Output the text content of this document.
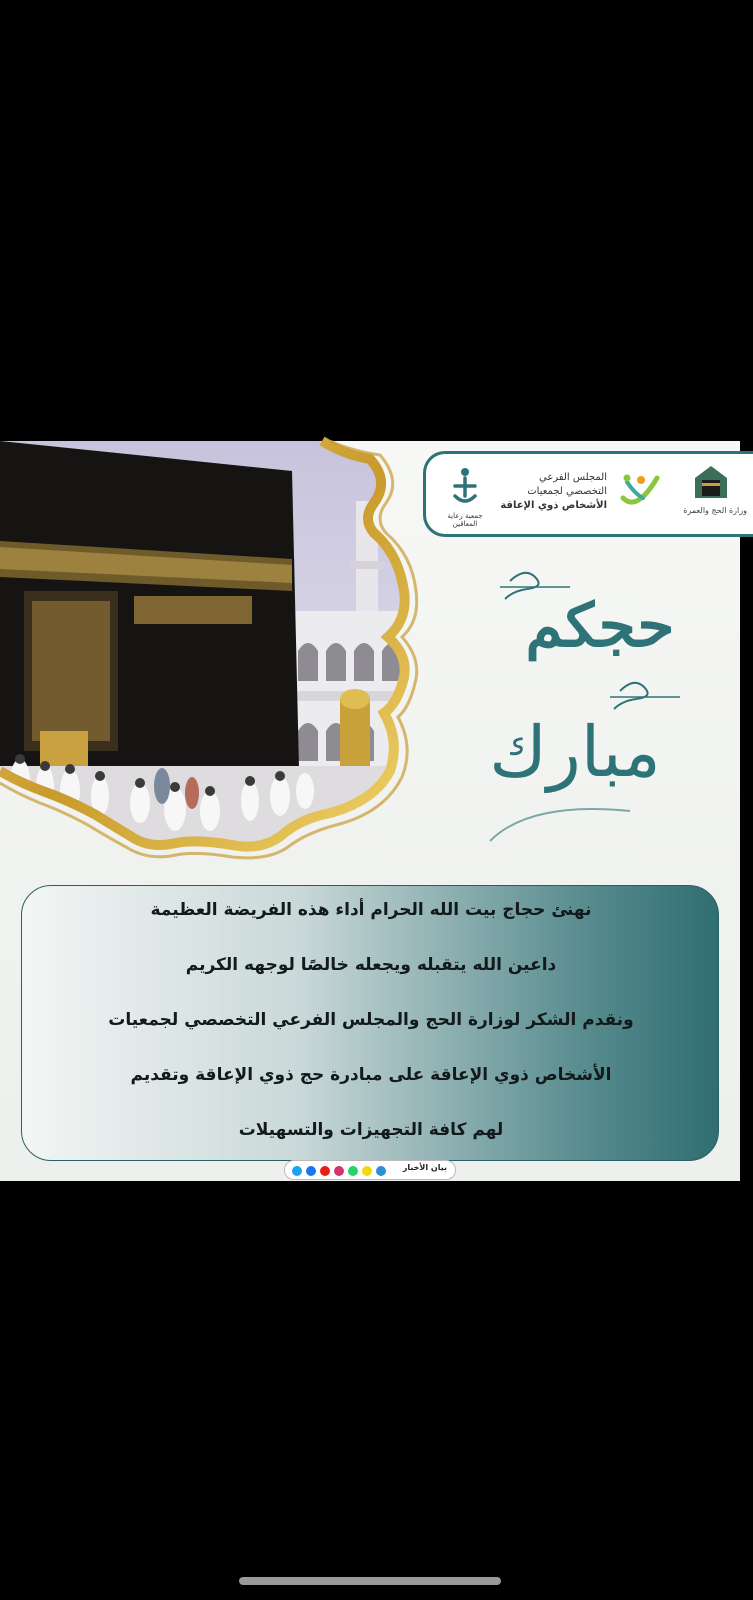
وزارة الحج والعمرة
المجلس الفرعي
التخصصي لجمعيات
الأشخاص ذوي الإعاقة
جمعية رعاية المعاقين
حجكم
مبارك
نهنئ حجاج بيت الله الحرام أداء هذه الفريضة العظيمة
داعين الله يتقبله ويجعله خالصًا لوجهه الكريم
ونقدم الشكر لوزارة الحج والمجلس الفرعي التخصصي لجمعيات
الأشخاص ذوي الإعاقة على مبادرة حج ذوي الإعاقة وتقديم
لهم كافة التجهيزات والتسهيلات
بيان الأخبار
